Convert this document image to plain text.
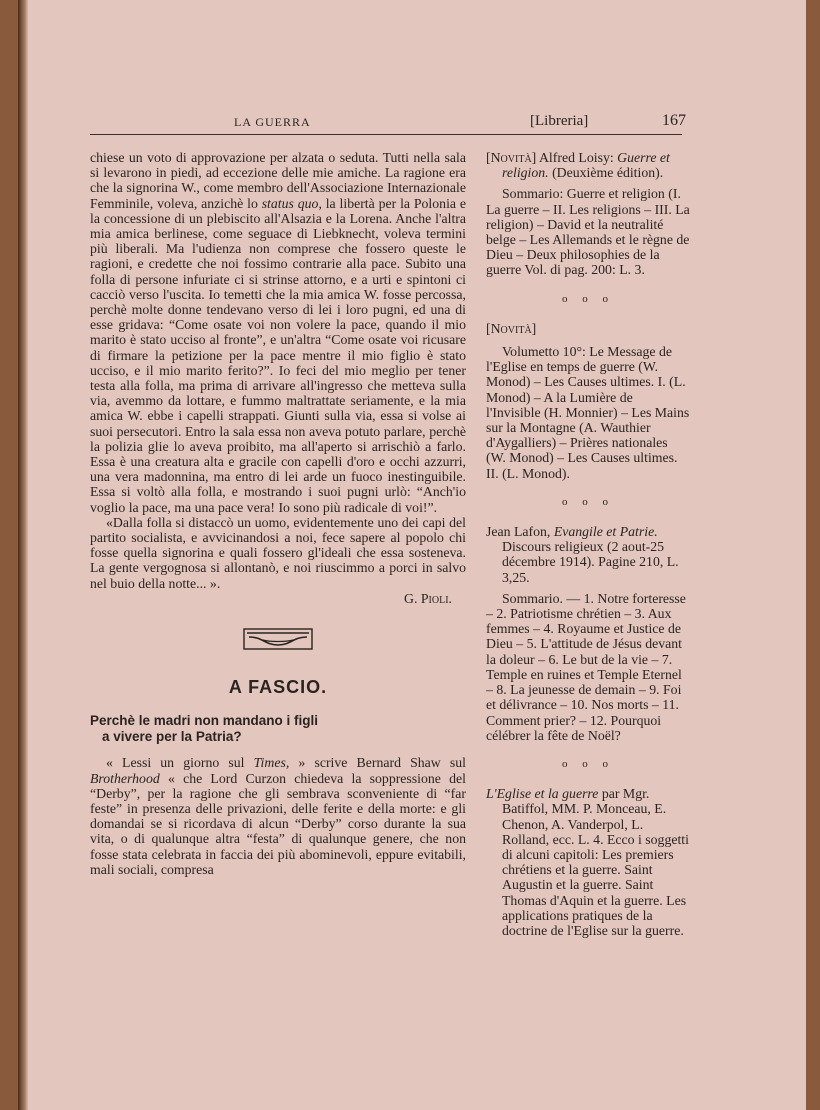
LA GUERRA	[Libreria]	167

chiese un voto di approvazione per alzata o seduta. Tutti nella sala si levarono in piedi, ad eccezione delle mie amiche. La ragione era che la signorina W., come membro dell'Associazione Internazionale Femminile, voleva, anzichè lo status quo, la libertà per la Polonia e la concessione di un plebiscito all'Alsazia e la Lorena. Anche l'altra mia amica berlinese, come seguace di Liebknecht, voleva termini più liberali. Ma l'udienza non comprese che fossero queste le ragioni, e credette che noi fossimo contrarie alla pace. Subito una folla di persone infuriate ci si strinse attorno, e a urti e spintoni ci cacciò verso l'uscita. Io temetti che la mia amica W. fosse percossa, perchè molte donne tendevano verso di lei i loro pugni, ed una di esse gridava: “Come osate voi non volere la pace, quando il mio marito è stato ucciso al fronte”, e un'altra “Come osate voi ricusare di firmare la petizione per la pace mentre il mio figlio è stato ucciso, e il mio marito ferito?”. Io feci del mio meglio per tener testa alla folla, ma prima di arrivare all'ingresso che metteva sulla via, avemmo da lottare, e fummo maltrattate seriamente, e la mia amica W. ebbe i capelli strappati. Giunti sulla via, essa si volse ai suoi persecutori. Entro la sala essa non aveva potuto parlare, perchè la polizia glie lo aveva proibito, ma all'aperto si arrischiò a farlo. Essa è una creatura alta e gracile con capelli d'oro e occhi azzurri, una vera madonnina, ma entro di lei arde un fuoco inestinguibile. Essa si voltò alla folla, e mostrando i suoi pugni urlò: “Anch'io voglio la pace, ma una pace vera! Io sono più radicale di voi!”.

«Dalla folla si distaccò un uomo, evidentemente uno dei capi del partito socialista, e avvicinandosi a noi, fece sapere al popolo chi fosse quella signorina e quali fossero gl'ideali che essa sosteneva. La gente vergognosa si allontanò, e noi riuscimmo a porci in salvo nel buio della notte... ».

G. Pioli.

A FASCIO.
Perchè le madri non mandano i figli
a vivere per la Patria?

« Lessi un giorno sul Times, » scrive Bernard Shaw sul Brotherhood « che Lord Curzon chiedeva la soppressione del “Derby”, per la ragione che gli sembrava sconveniente di “far feste” in presenza delle privazioni, delle ferite e della morte: e gli domandai se si ricordava di alcun “Derby” corso durante la sua vita, o di qualunque altra “festa” di qualunque genere, che non fosse stata celebrata in faccia dei più abominevoli, eppure evitabili, mali sociali, compresa

[Novità] Alfred Loisy: Guerre et religion. (Deuxième édition).

Sommario: Guerre et religion (I. La guerre – II. Les religions – III. La religion) – David et la neutralité belge – Les Allemands et le règne de Dieu – Deux philosophies de la guerre Vol. di pag. 200: L. 3.

o o o

[Novità]

Volumetto 10°: Le Message de l'Eglise en temps de guerre (W. Monod) – Les Causes ultimes. I. (L. Monod) – A la Lumière de l'Invisible (H. Monnier) – Les Mains sur la Montagne (A. Wauthier d'Aygalliers) – Prières nationales (W. Monod) – Les Causes ultimes. II. (L. Monod).

o o o

Jean Lafon, Evangile et Patrie. Discours religieux (2 aout-25 décembre 1914). Pagine 210, L. 3,25.

Sommario. — 1. Notre forteresse – 2. Patriotisme chrétien – 3. Aux femmes – 4. Royaume et Justice de Dieu – 5. L'attitude de Jésus devant la doleur – 6. Le but de la vie – 7. Temple en ruines et Temple Eternel – 8. La jeunesse de demain – 9. Foi et délivrance – 10. Nos morts – 11. Comment prier? – 12. Pourquoi célébrer la fête de Noël?

o o o

L'Eglise et la guerre par Mgr. Batiffol, MM. P. Monceau, E. Chenon, A. Vanderpol, L. Rolland, ecc. L. 4. Ecco i soggetti di alcuni capitoli: Les premiers chrétiens et la guerre. Saint Augustin et la guerre. Saint Thomas d'Aquin et la guerre. Les applications pratiques de la doctrine de l'Eglise sur la guerre.
